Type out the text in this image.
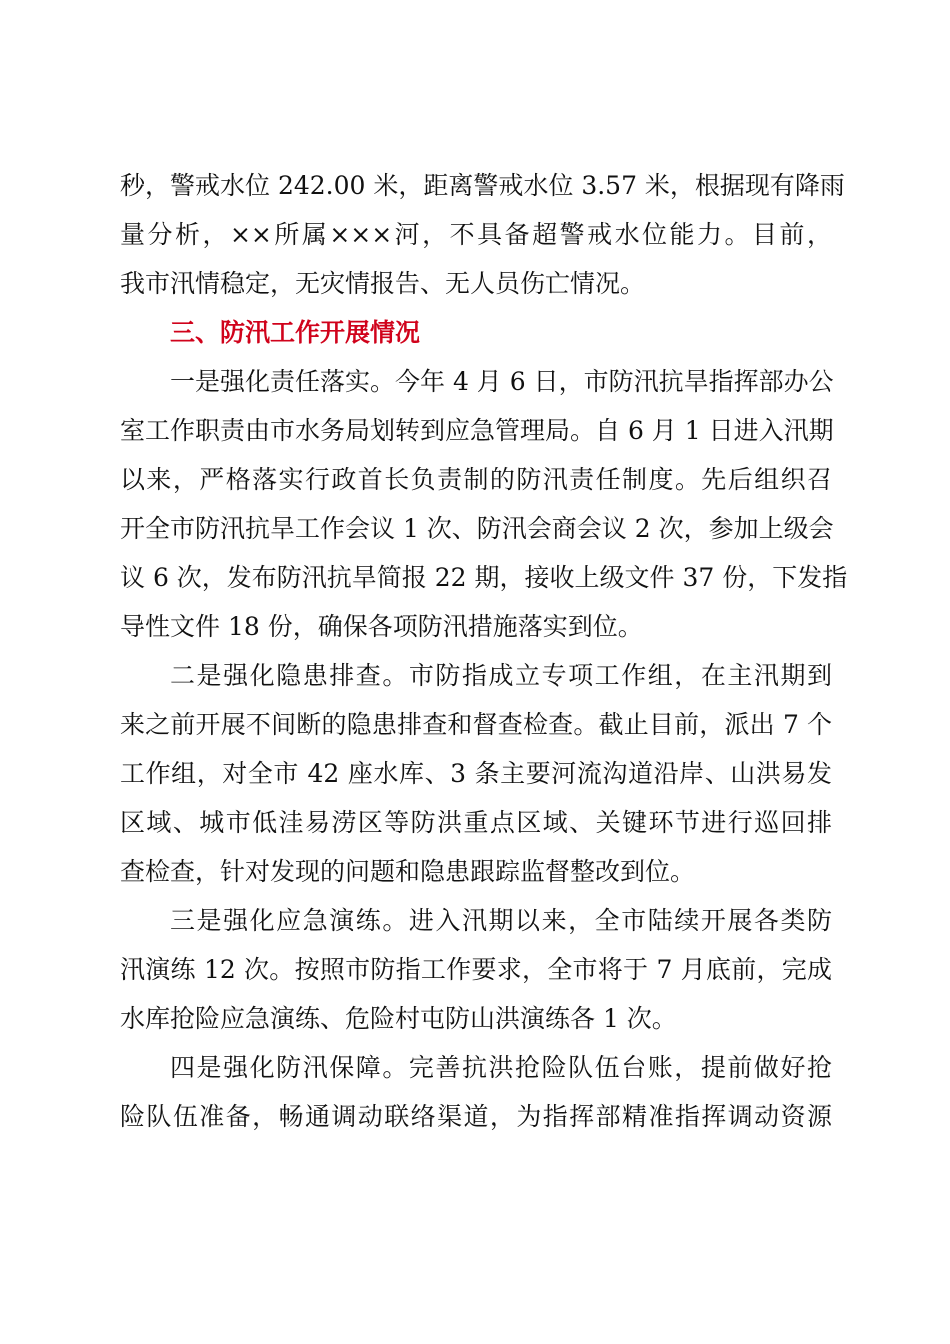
秒，警戒水位 242.00 米，距离警戒水位 3.57 米，根据现有降雨
量分析，××所属×××河，不具备超警戒水位能力。目前，
我市汛情稳定，无灾情报告、无人员伤亡情况。
三、防汛工作开展情况
一是强化责任落实。今年 4 月 6 日，市防汛抗旱指挥部办公
室工作职责由市水务局划转到应急管理局。自 6 月 1 日进入汛期
以来，严格落实行政首长负责制的防汛责任制度。先后组织召
开全市防汛抗旱工作会议 1 次、防汛会商会议 2 次，参加上级会
议 6 次，发布防汛抗旱简报 22 期，接收上级文件 37 份，下发指
导性文件 18 份，确保各项防汛措施落实到位。
二是强化隐患排查。市防指成立专项工作组，在主汛期到
来之前开展不间断的隐患排查和督查检查。截止目前，派出 7 个
工作组，对全市 42 座水库、3 条主要河流沟道沿岸、山洪易发
区域、城市低洼易涝区等防洪重点区域、关键环节进行巡回排
查检查，针对发现的问题和隐患跟踪监督整改到位。
三是强化应急演练。进入汛期以来，全市陆续开展各类防
汛演练 12 次。按照市防指工作要求，全市将于 7 月底前，完成
水库抢险应急演练、危险村屯防山洪演练各 1 次。
四是强化防汛保障。完善抗洪抢险队伍台账，提前做好抢
险队伍准备，畅通调动联络渠道，为指挥部精准指挥调动资源
